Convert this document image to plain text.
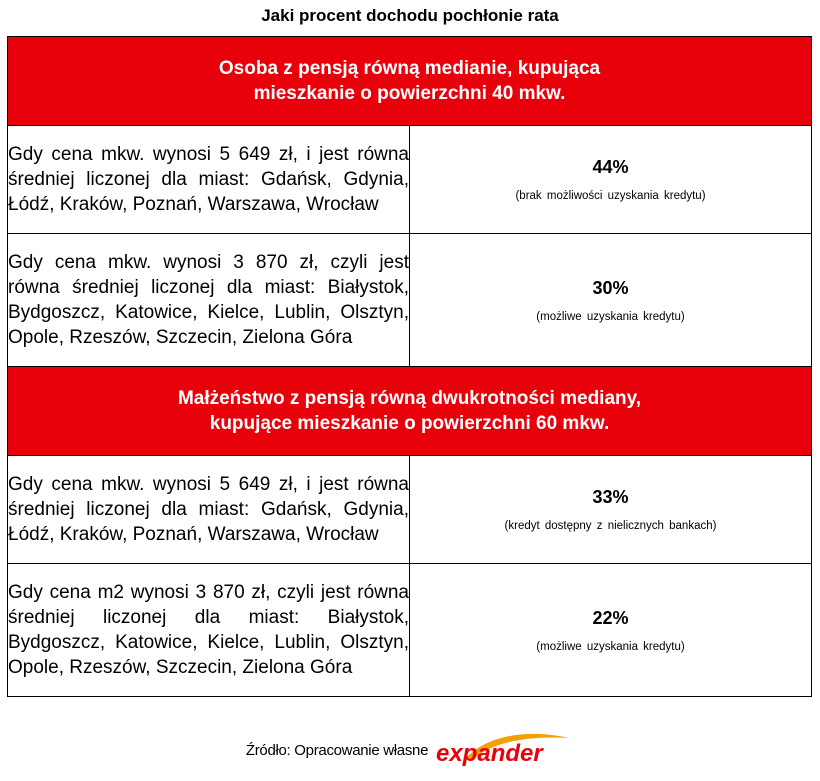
Jaki procent dochodu pochłonie rata
Osoba z pensją równą medianie, kupująca
mieszkanie o powierzchni 40 mkw.	

Gdy cena mkw. wynosi 5 649 zł, i jest równa średniej liczonej dla miast: Gdańsk, Gdynia, Łódź, Kraków, Poznań, Warszawa, Wrocław	44%
(brak możliwości uzyskania kredytu)

Gdy cena mkw. wynosi 3 870 zł, czyli jest równa średniej liczonej dla miast: Białystok, Bydgoszcz, Katowice, Kielce, Lublin, Olsztyn, Opole, Rzeszów, Szczecin, Zielona Góra	30%
(możliwe uzyskania kredytu)

Małżeństwo z pensją równą dwukrotności mediany,
kupujące mieszkanie o powierzchni 60 mkw.	

Gdy cena mkw. wynosi 5 649 zł, i jest równa średniej liczonej dla miast: Gdańsk, Gdynia, Łódź, Kraków, Poznań, Warszawa, Wrocław	33%
(kredyt dostępny z nielicznych bankach)

Gdy cena m2 wynosi 3 870 zł, czyli jest równa średniej liczonej dla miast: Białystok, Bydgoszcz, Katowice, Kielce, Lublin, Olsztyn, Opole, Rzeszów, Szczecin, Zielona Góra	22%
(możliwe uzyskania kredytu)
Źródło: Opracowanie własne expander
